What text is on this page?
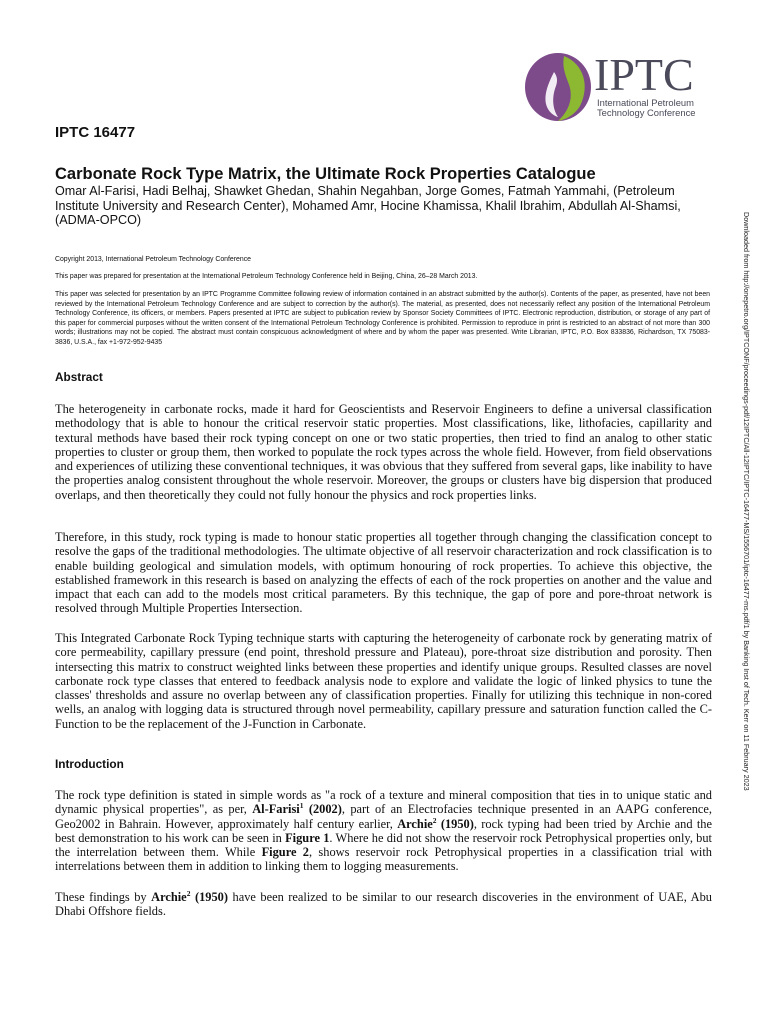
IPTC
International Petroleum
Technology Conference
IPTC 16477
Carbonate Rock Type Matrix, the Ultimate Rock Properties Catalogue
Omar Al-Farisi, Hadi Belhaj, Shawket Ghedan, Shahin Negahban, Jorge Gomes, Fatmah Yammahi, (Petroleum Institute University and Research Center), Mohamed Amr, Hocine Khamissa, Khalil Ibrahim, Abdullah Al-Shamsi, (ADMA-OPCO)
Copyright 2013, International Petroleum Technology Conference
This paper was prepared for presentation at the International Petroleum Technology Conference held in Beijing, China, 26–28 March 2013.
This paper was selected for presentation by an IPTC Programme Committee following review of information contained in an abstract submitted by the author(s). Contents of the paper, as presented, have not been reviewed by the International Petroleum Technology Conference and are subject to correction by the author(s). The material, as presented, does not necessarily reflect any position of the International Petroleum Technology Conference, its officers, or members. Papers presented at IPTC are subject to publication review by Sponsor Society Committees of IPTC. Electronic reproduction, distribution, or storage of any part of this paper for commercial purposes without the written consent of the International Petroleum Technology Conference is prohibited. Permission to reproduce in print is restricted to an abstract of not more than 300 words; illustrations may not be copied. The abstract must contain conspicuous acknowledgment of where and by whom the paper was presented. Write Librarian, IPTC, P.O. Box 833836, Richardson, TX 75083-3836, U.S.A., fax +1-972-952-9435
Abstract
The heterogeneity in carbonate rocks, made it hard for Geoscientists and Reservoir Engineers to define a universal classification methodology that is able to honour the critical reservoir static properties. Most classifications, like, lithofacies, capillarity and textural methods have based their rock typing concept on one or two static properties, then tried to find an analog to other static properties to cluster or group them, then worked to populate the rock types across the whole field. However, from field observations and experiences of utilizing these conventional techniques, it was obvious that they suffered from several gaps, like inability to have the properties analog consistent throughout the whole reservoir. Moreover, the groups or clusters have big dispersion that produced overlaps, and then theoretically they could not fully honour the physics and rock properties links.
Therefore, in this study, rock typing is made to honour static properties all together through changing the classification concept to resolve the gaps of the traditional methodologies. The ultimate objective of all reservoir characterization and rock classification is to enable building geological and simulation models, with optimum honouring of rock properties. To achieve this objective, the established framework in this research is based on analyzing the effects of each of the rock properties on another and the value and impact that each can add to the models most critical parameters. By this technique, the gap of pore and pore-throat network is resolved through Multiple Properties Intersection.
This Integrated Carbonate Rock Typing technique starts with capturing the heterogeneity of carbonate rock by generating matrix of core permeability, capillary pressure (end point, threshold pressure and Plateau), pore-throat size distribution and porosity. Then intersecting this matrix to construct weighted links between these properties and identify unique groups. Resulted classes are novel carbonate rock type classes that entered to feedback analysis node to explore and validate the logic of linked physics to tune the classes' thresholds and assure no overlap between any of classification properties. Finally for utilizing this technique in non-cored wells, an analog with logging data is structured through novel permeability, capillary pressure and saturation function called the C-Function to be the replacement of the J-Function in Carbonate.
Introduction
The rock type definition is stated in simple words as "a rock of a texture and mineral composition that ties in to unique static and dynamic physical properties", as per, Al-Farisi$^1$ (2002), part of an Electrofacies technique presented in an AAPG conference, Geo2002 in Bahrain. However, approximately half century earlier, Archie$^2$ (1950), rock typing had been tried by Archie and the best demonstration to his work can be seen in Figure 1. Where he did not show the reservoir rock Petrophysical properties only, but the interrelation between them. While Figure 2, shows reservoir rock Petrophysical properties in a classification trial with interrelations between them in addition to linking them to logging measurements.
These findings by Archie$^2$ (1950) have been realized to be similar to our research discoveries in the environment of UAE, Abu Dhabi Offshore fields.
Downloaded from http://onepetro.org/IPTCONF/proceedings-pdf/12IPTC/All-12IPTC/IPTC-16477-MS/1556701/iptc-16477-ms.pdf/1 by Banking Inst of Tech. Kerr on 11 February 2023
